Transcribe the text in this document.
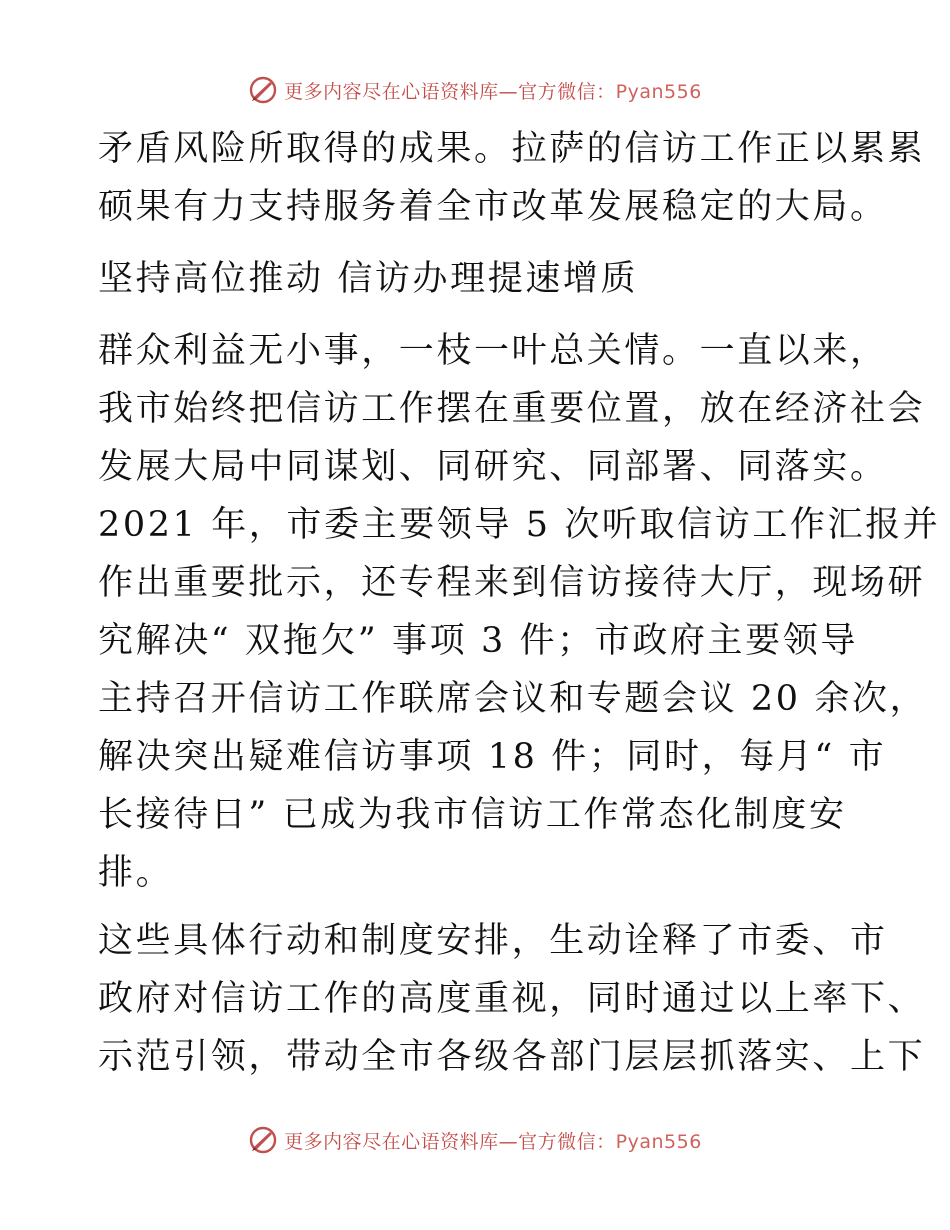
更多内容尽在心语资料库—官方微信：Pyan556
矛盾风险所取得的成果。拉萨的信访工作正以累累
硕果有力支持服务着全市改革发展稳定的大局。
坚持高位推动 信访办理提速增质
群众利益无小事，一枝一叶总关情。一直以来，
我市始终把信访工作摆在重要位置，放在经济社会
发展大局中同谋划、同研究、同部署、同落实。
2021 年，市委主要领导 5 次听取信访工作汇报并
作出重要批示，还专程来到信访接待大厅，现场研
究解决“ 双拖欠” 事项 3 件；市政府主要领导
主持召开信访工作联席会议和专题会议 20 余次，
解决突出疑难信访事项 18 件；同时，每月“ 市
长接待日” 已成为我市信访工作常态化制度安
排。
这些具体行动和制度安排，生动诠释了市委、市
政府对信访工作的高度重视，同时通过以上率下、
示范引领，带动全市各级各部门层层抓落实、上下
更多内容尽在心语资料库—官方微信：Pyan556
